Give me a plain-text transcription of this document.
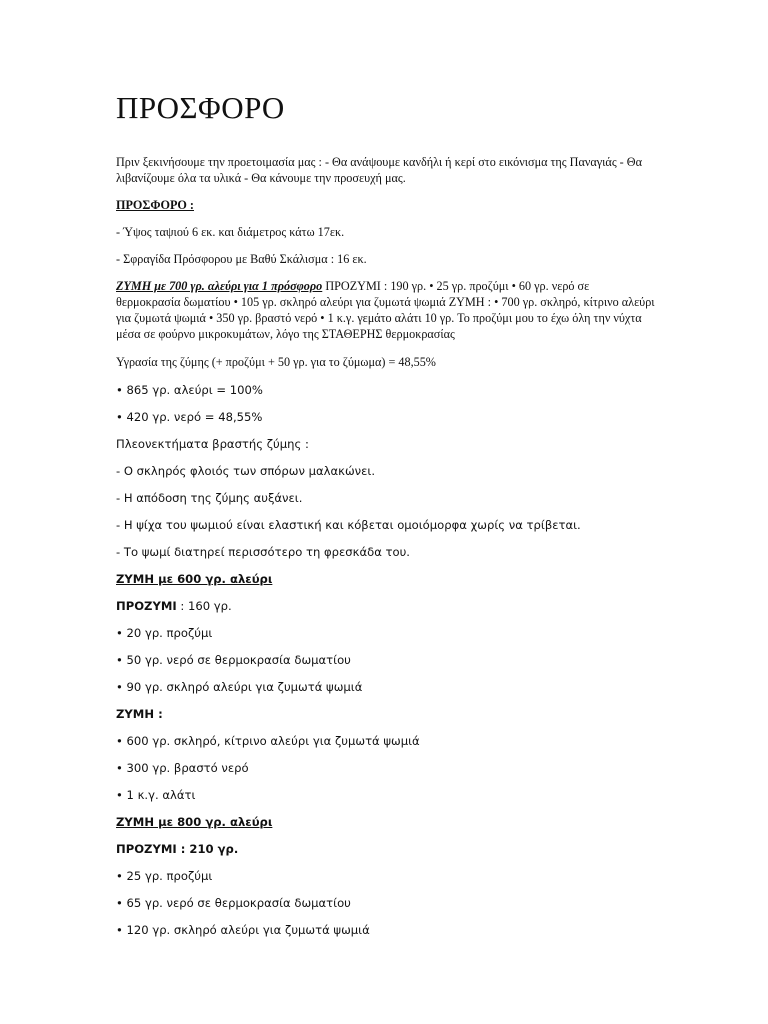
ΠΡΟΣΦΟΡΟ

Πριν ξεκινήσουμε την προετοιμασία μας : - Θα ανάψουμε κανδήλι ή κερί στο εικόνισμα της Παναγιάς - Θα λιβανίζουμε όλα τα υλικά - Θα κάνουμε την προσευχή μας.

ΠΡΟΣΦΟΡΟ :

- Ύψος ταψιού 6 εκ. και διάμετρος κάτω 17εκ.

- Σφραγίδα Πρόσφορου με Βαθύ Σκάλισμα : 16 εκ.

ΖΥΜΗ με 700 γρ. αλεύρι για 1 πρόσφορο ΠΡΟΖΥΜΙ : 190 γρ. • 25 γρ. προζύμι • 60 γρ. νερό σε θερμοκρασία δωματίου • 105 γρ. σκληρό αλεύρι για ζυμωτά ψωμιά ΖΥΜΗ : • 700 γρ. σκληρό, κίτρινο αλεύρι για ζυμωτά ψωμιά • 350 γρ. βραστό νερό • 1 κ.γ. γεμάτο αλάτι 10 γρ. Το προζύμι μου το έχω όλη την νύχτα μέσα σε φούρνο μικροκυμάτων, λόγο της ΣΤΑΘΕΡΗΣ θερμοκρασίας

Υγρασία της ζύμης (+ προζύμι + 50 γρ. για το ζύμωμα) = 48,55%

• 865 γρ. αλεύρι = 100%

• 420 γρ. νερό = 48,55%

Πλεονεκτήματα βραστής ζύμης :

- Ο σκληρός φλοιός των σπόρων μαλακώνει.

- Η απόδοση της ζύμης αυξάνει.

- Η ψίχα του ψωμιού είναι ελαστική και κόβεται ομοιόμορφα χωρίς να τρίβεται.

- Το ψωμί διατηρεί περισσότερο τη φρεσκάδα του.

ΖΥΜΗ με 600 γρ. αλεύρι

ΠΡΟΖΥΜΙ : 160 γρ.

• 20 γρ. προζύμι

• 50 γρ. νερό σε θερμοκρασία δωματίου

• 90 γρ. σκληρό αλεύρι για ζυμωτά ψωμιά

ΖΥΜΗ :

• 600 γρ. σκληρό, κίτρινο αλεύρι για ζυμωτά ψωμιά

• 300 γρ. βραστό νερό

• 1 κ.γ. αλάτι

ΖΥΜΗ με 800 γρ. αλεύρι

ΠΡΟΖΥΜΙ : 210 γρ.

• 25 γρ. προζύμι

• 65 γρ. νερό σε θερμοκρασία δωματίου

• 120 γρ. σκληρό αλεύρι για ζυμωτά ψωμιά
